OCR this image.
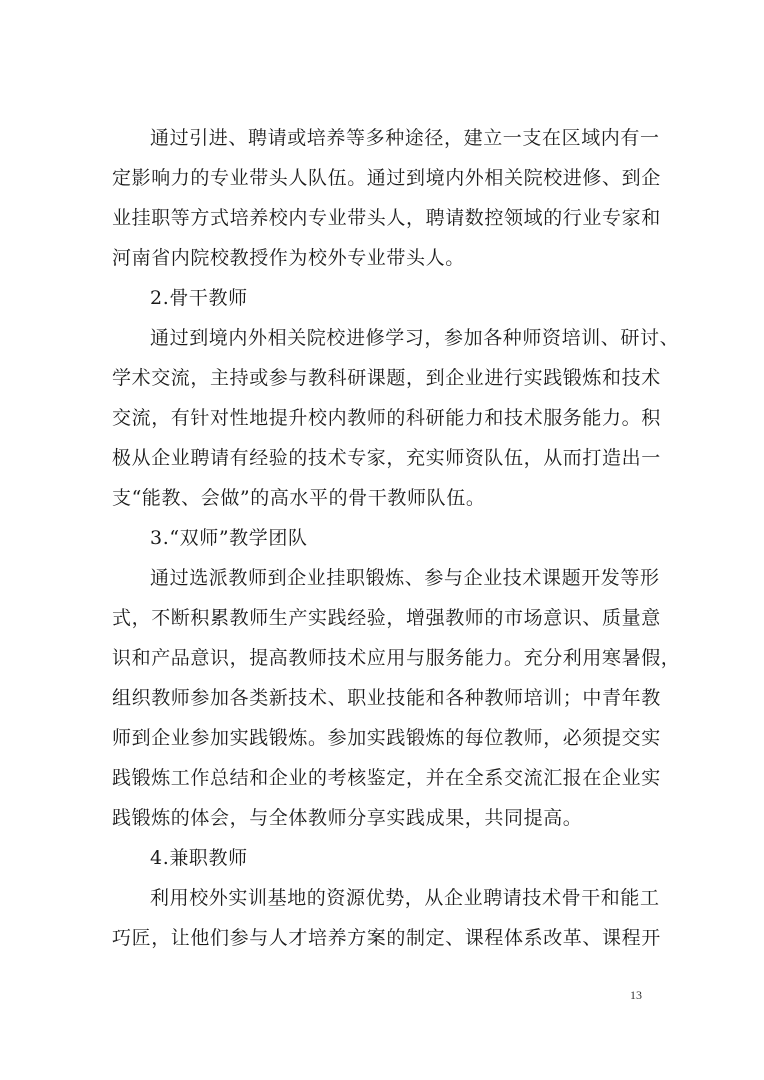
通过引进、聘请或培养等多种途径，建立一支在区域内有一
定影响力的专业带头人队伍。通过到境内外相关院校进修、到企
业挂职等方式培养校内专业带头人，聘请数控领域的行业专家和
河南省内院校教授作为校外专业带头人。
2.骨干教师
通过到境内外相关院校进修学习，参加各种师资培训、研讨、
学术交流，主持或参与教科研课题，到企业进行实践锻炼和技术
交流，有针对性地提升校内教师的科研能力和技术服务能力。积
极从企业聘请有经验的技术专家，充实师资队伍，从而打造出一
支“能教、会做”的高水平的骨干教师队伍。
3.“双师”教学团队
通过选派教师到企业挂职锻炼、参与企业技术课题开发等形
式，不断积累教师生产实践经验，增强教师的市场意识、质量意
识和产品意识，提高教师技术应用与服务能力。充分利用寒暑假，
组织教师参加各类新技术、职业技能和各种教师培训；中青年教
师到企业参加实践锻炼。参加实践锻炼的每位教师，必须提交实
践锻炼工作总结和企业的考核鉴定，并在全系交流汇报在企业实
践锻炼的体会，与全体教师分享实践成果，共同提高。
4.兼职教师
利用校外实训基地的资源优势，从企业聘请技术骨干和能工
巧匠，让他们参与人才培养方案的制定、课程体系改革、课程开
13
